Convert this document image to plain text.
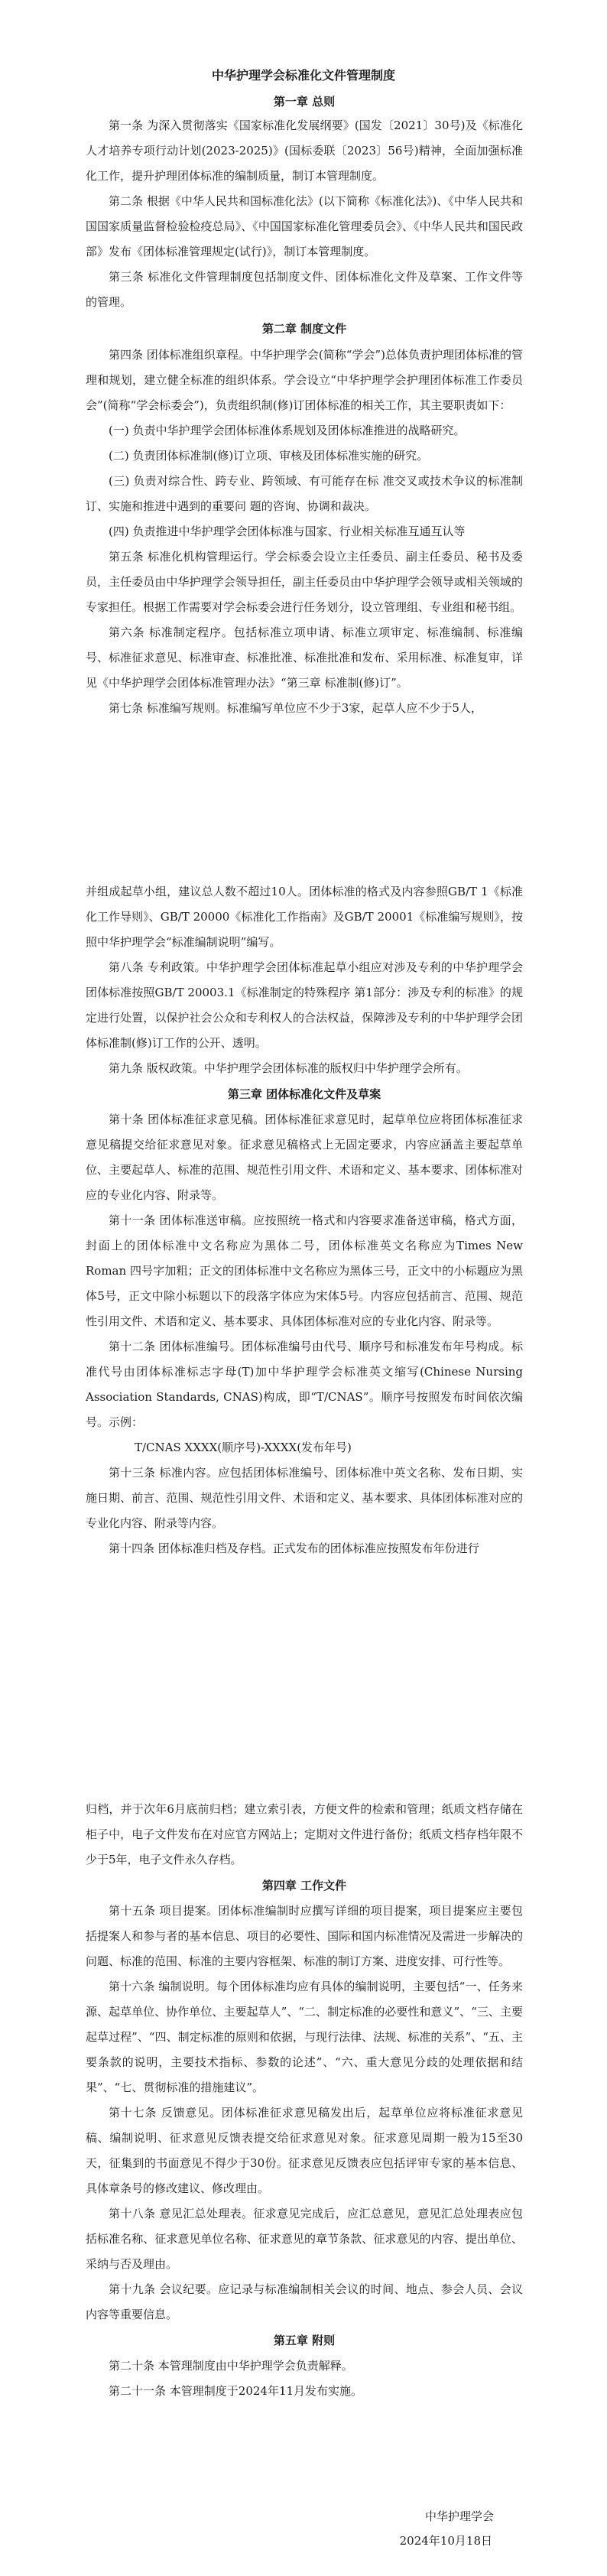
中华护理学会标准化文件管理制度
第一章 总则

第一条 为深入贯彻落实《国家标准化发展纲要》(国发〔2021〕30号)及《标准化人才培养专项行动计划(2023-2025)》(国标委联〔2023〕56号)精神，全面加强标准化工作，提升护理团体标准的编制质量，制订本管理制度。

第二条 根据《中华人民共和国标准化法》(以下简称《标准化法》)、《中华人民共和国国家质量监督检验检疫总局》、《中国国家标准化管理委员会》、《中华人民共和国民政部》发布《团体标准管理规定(试行)》，制订本管理制度。

第三条 标准化文件管理制度包括制度文件、团体标准化文件及草案、工作文件等的管理。

第二章 制度文件

第四条 团体标准组织章程。中华护理学会(简称“学会”)总体负责护理团体标准的管理和规划，建立健全标准的组织体系。学会设立“中华护理学会护理团体标准工作委员会”(简称“学会标委会”)，负责组织制(修)订团体标准的相关工作，其主要职责如下：

(一) 负责中华护理学会团体标准体系规划及团体标准推进的战略研究。

(二) 负责团体标准制(修)订立项、审核及团体标准实施的研究。

(三) 负责对综合性、跨专业、跨领域、有可能存在标 准交叉或技术争议的标准制订、实施和推进中遇到的重要问 题的咨询、协调和裁决。

(四) 负责推进中华护理学会团体标准与国家、行业相关标准互通互认等

第五条 标准化机构管理运行。学会标委会设立主任委员、副主任委员、秘书及委员，主任委员由中华护理学会领导担任，副主任委员由中华护理学会领导或相关领域的专家担任。根据工作需要对学会标委会进行任务划分，设立管理组、专业组和秘书组。

第六条 标准制定程序。包括标准立项申请、标准立项审定、标准编制、标准编号、标准征求意见、标准审查、标准批准、标准批准和发布、采用标准、标准复审，详见《中华护理学会团体标准管理办法》“第三章 标准制(修)订”。

第七条 标准编写规则。标准编写单位应不少于3家，起草人应不少于5人，

并组成起草小组，建议总人数不超过10人。团体标准的格式及内容参照GB/T 1《标准化工作导则》、GB/T 20000《标准化工作指南》及GB/T 20001《标准编写规则》，按照中华护理学会“标准编制说明”编写。

第八条 专利政策。中华护理学会团体标准起草小组应对涉及专利的中华护理学会团体标准按照GB/T 20003.1《标准制定的特殊程序 第1部分：涉及专利的标准》的规定进行处置，以保护社会公众和专利权人的合法权益，保障涉及专利的中华护理学会团体标准制(修)订工作的公开、透明。

第九条 版权政策。中华护理学会团体标准的版权归中华护理学会所有。

第三章 团体标准化文件及草案

第十条 团体标准征求意见稿。团体标准征求意见时，起草单位应将团体标准征求意见稿提交给征求意见对象。征求意见稿格式上无固定要求，内容应涵盖主要起草单位、主要起草人、标准的范围、规范性引用文件、术语和定义、基本要求、团体标准对应的专业化内容、附录等。

第十一条 团体标准送审稿。应按照统一格式和内容要求准备送审稿，格式方面，封面上的团体标准中文名称应为黑体二号，团体标准英文名称应为Times New Roman 四号字加粗；正文的团体标准中文名称应为黑体三号，正文中的小标题应为黑体5号，正文中除小标题以下的段落字体应为宋体5号。内容应包括前言、范围、规范性引用文件、术语和定义、基本要求、具体团体标准对应的专业化内容、附录等。

第十二条 团体标准编号。团体标准编号由代号、顺序号和标准发布年号构成。标准代号由团体标准标志字母(T)加中华护理学会标准英文缩写(Chinese Nursing Association Standards, CNAS)构成，即“T/CNAS”。顺序号按照发布时间依次编号。示例：

T/CNAS XXXX(顺序号)-XXXX(发布年号)

第十三条 标准内容。应包括团体标准编号、团体标准中英文名称、发布日期、实施日期、前言、范围、规范性引用文件、术语和定义、基本要求、具体团体标准对应的专业化内容、附录等内容。

第十四条 团体标准归档及存档。正式发布的团体标准应按照发布年份进行

归档，并于次年6月底前归档；建立索引表，方便文件的检索和管理；纸质文档存储在柜子中，电子文件发布在对应官方网站上；定期对文件进行备份；纸质文档存档年限不少于5年，电子文件永久存档。

第四章 工作文件

第十五条 项目提案。团体标准编制时应撰写详细的项目提案，项目提案应主要包括提案人和参与者的基本信息、项目的必要性、国际和国内标准情况及需进一步解决的问题、标准的范围、标准的主要内容框架、标准的制订方案、进度安排、可行性等。

第十六条 编制说明。每个团体标准均应有具体的编制说明，主要包括“一、任务来源、起草单位、协作单位、主要起草人”、“二、制定标准的必要性和意义”、“三、主要起草过程”、“四、制定标准的原则和依据，与现行法律、法规、标准的关系”、“五、主要条款的说明，主要技术指标、参数的论述”、“六、重大意见分歧的处理依据和结果”、“七、贯彻标准的措施建议”。

第十七条 反馈意见。团体标准征求意见稿发出后，起草单位应将标准征求意见稿、编制说明、征求意见反馈表提交给征求意见对象。征求意见周期一般为15至30天，征集到的书面意见不得少于30份。征求意见反馈表应包括评审专家的基本信息、具体章条号的修改建议、修改理由。

第十八条 意见汇总处理表。征求意见完成后，应汇总意见，意见汇总处理表应包括标准名称、征求意见单位名称、征求意见的章节条款、征求意见的内容、提出单位、采纳与否及理由。

第十九条 会议纪要。应记录与标准编制相关会议的时间、地点、参会人员、会议内容等重要信息。

第五章 附则

第二十条 本管理制度由中华护理学会负责解释。

第二十一条 本管理制度于2024年11月发布实施。

中华护理学会
2024年10月18日
